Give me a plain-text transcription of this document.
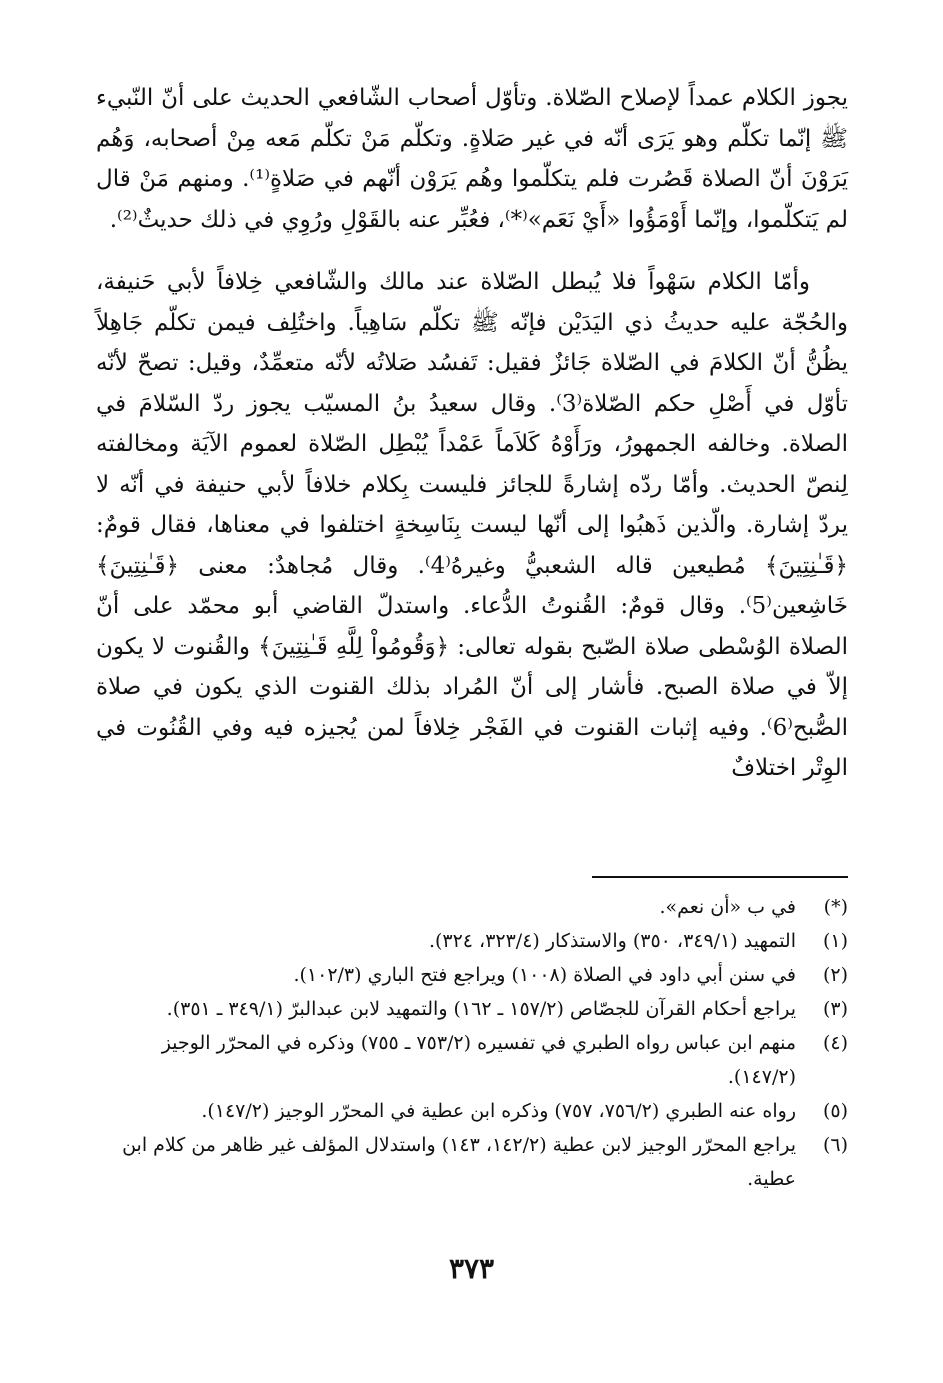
يجوز الكلام عمداً لإصلاح الصّلاة. وتأوّل أصحاب الشّافعي الحديث على أنّ النّبيء ﷺ إنّما تكلّم وهو يَرَى أنّه في غير صَلاةٍ. وتكلّم مَنْ تكلّم مَعه مِنْ أصحابه، وَهُم يَرَوْنَ أنّ الصلاة قَصُرت فلم يتكلّموا وهُم يَرَوْن أنّهم في صَلاةٍ⁽¹⁾. ومنهم مَنْ قال لم يَتكلّموا، وإنّما أَوْمَؤُوا «أَيْ نَعَم»⁽*⁾، فعُبِّر عنه بالقَوْلِ ورُوِي في ذلك حديثٌ⁽²⁾.

وأمّا الكلام سَهْواً فلا يُبطل الصّلاة عند مالك والشّافعي خِلافاً لأبي حَنيفة، والحُجّة عليه حديثُ ذي اليَدَيْن فإنّه ﷺ تكلّم سَاهِياً. واختُلِف فيمن تكلّم جَاهِلاً يظُنُّ أنّ الكلامَ في الصّلاة جَائزٌ فقيل: تَفسُد صَلاتُه لأنّه متعمِّدٌ، وقيل: تصحّ لأنّه تأوّل في أَصْلِ حكم الصّلاة⁽3⁾. وقال سعيدُ بنُ المسيّب يجوز ردّ السّلامَ في الصلاة. وخالفه الجمهورُ، ورَأَوْهُ كَلاَماً عَمْداً يُبْطِل الصّلاة لعموم الآيَة ومخالفته لِنصّ الحديث. وأمّا ردّه إشارةً للجائز فليست بِكلام خلافاً لأبي حنيفة في أنّه لا يردّ إشارة. والّذين ذَهبُوا إلى أنّها ليست بِنَاسِخةٍ اختلفوا في معناها، فقال قومٌ: ﴿قَـٰنِتِينَ﴾ مُطيعين قاله الشعبيُّ وغيرهُ⁽4⁾. وقال مُجاهدٌ: معنى ﴿قَـٰنِتِينَ﴾ خَاشِعين⁽5⁾. وقال قومٌ: القُنوتُ الدُّعاء. واستدلّ القاضي أبو محمّد على أنّ الصلاة الوُسْطى صلاة الصّبح بقوله تعالى: ﴿وَقُومُواْ لِلَّهِ قَـٰنِتِينَ﴾ والقُنوت لا يكون إلاّ في صلاة الصبح. فأشار إلى أنّ المُراد بذلك القنوت الذي يكون في صلاة الصُّبح⁽6⁾. وفيه إثبات القنوت في الفَجْر خِلافاً لمن يُجيزه فيه وفي القُنُوت في الوِتْر اختلافٌ

(*)
في ب «أن نعم».
(١)
التمهيد (٣٤٩/١، ٣٥٠) والاستذكار (٣٢٣/٤، ٣٢٤).
(٢)
في سنن أبي داود في الصلاة (١٠٠٨) ويراجع فتح الباري (١٠٢/٣).
(٣)
يراجع أحكام القرآن للجصّاص (١٥٧/٢ ـ ١٦٢) والتمهيد لابن عبدالبرّ (٣٤٩/١ ـ ٣٥١).
(٤)
منهم ابن عباس رواه الطبري في تفسيره (٧٥٣/٢ ـ ٧٥٥) وذكره في المحرّر الوجيز (١٤٧/٢).
(٥)
رواه عنه الطبري (٧٥٦/٢، ٧٥٧) وذكره ابن عطية في المحرّر الوجيز (١٤٧/٢).
(٦)
يراجع المحرّر الوجيز لابن عطية (١٤٢/٢، ١٤٣) واستدلال المؤلف غير ظاهر من كلام ابن عطية.
٣٧٣
